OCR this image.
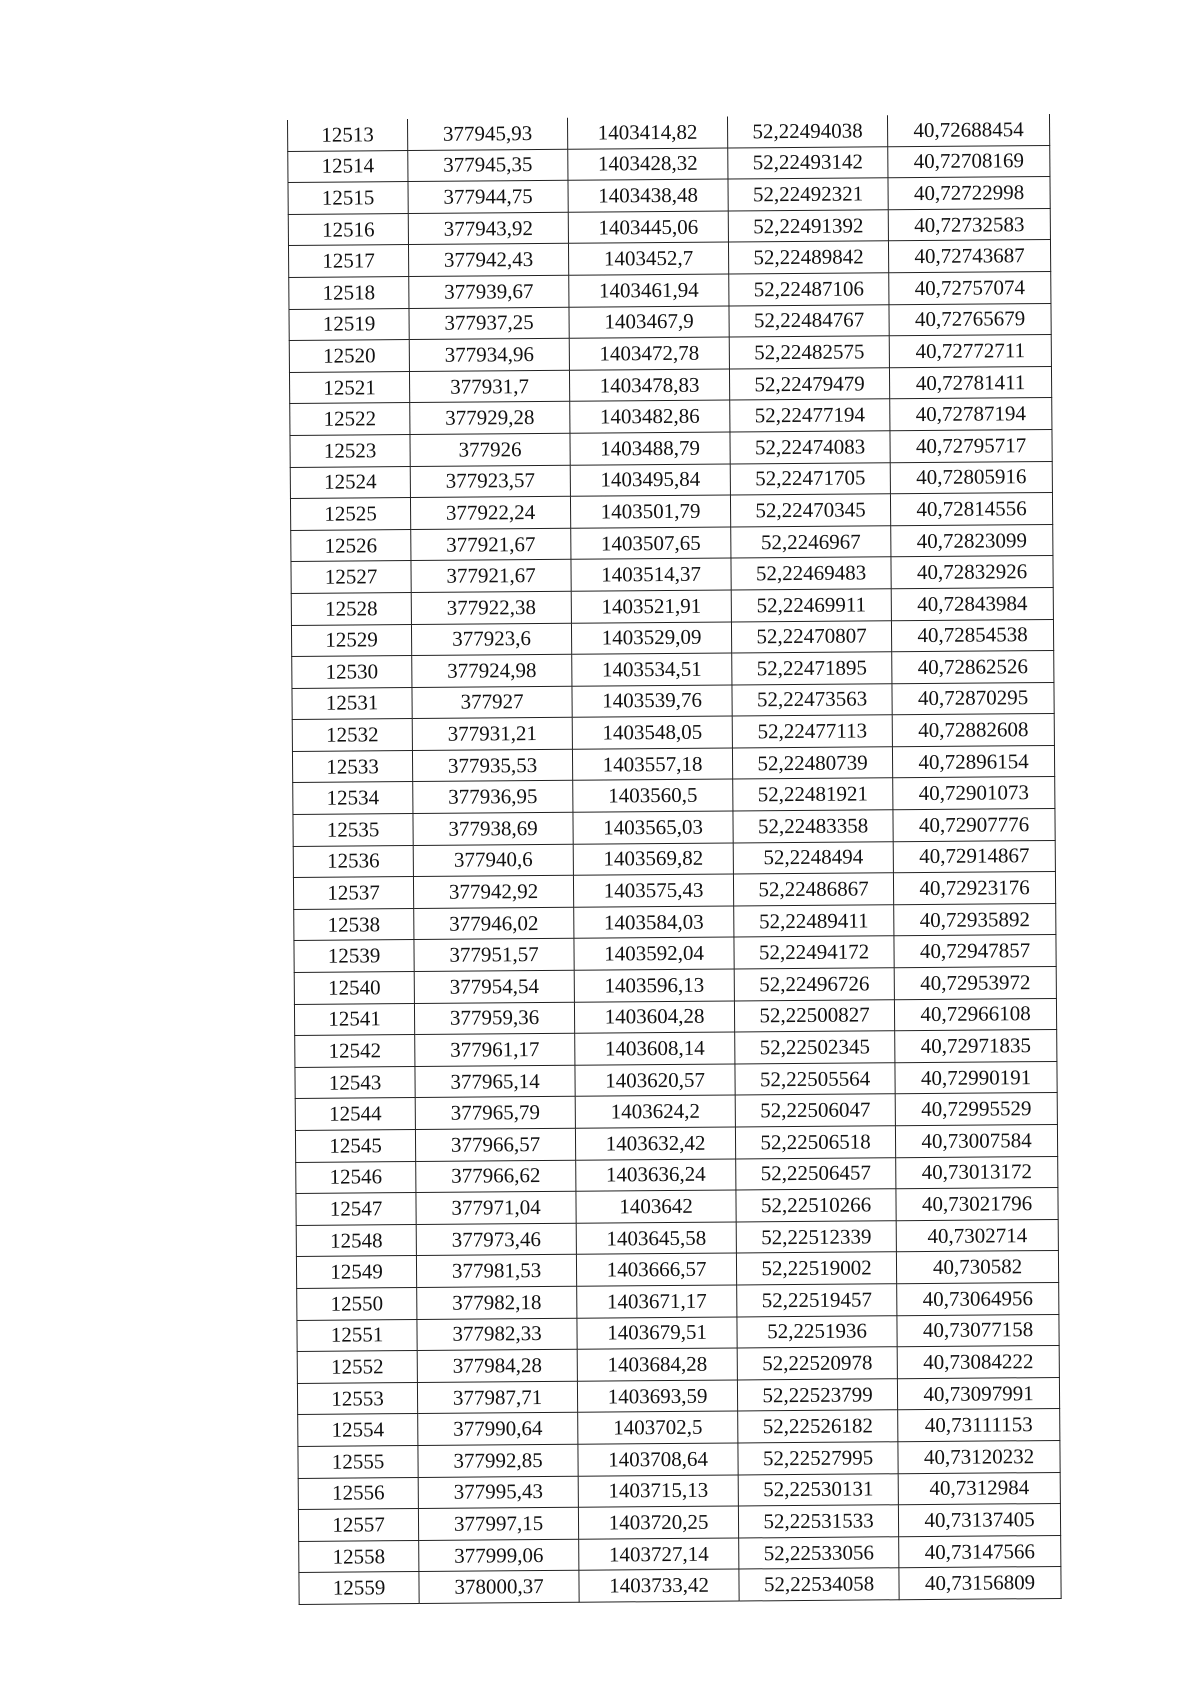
12513	377945,93	1403414,82	52,22494038	40,72688454
12514	377945,35	1403428,32	52,22493142	40,72708169
12515	377944,75	1403438,48	52,22492321	40,72722998
12516	377943,92	1403445,06	52,22491392	40,72732583
12517	377942,43	1403452,7	52,22489842	40,72743687
12518	377939,67	1403461,94	52,22487106	40,72757074
12519	377937,25	1403467,9	52,22484767	40,72765679
12520	377934,96	1403472,78	52,22482575	40,72772711
12521	377931,7	1403478,83	52,22479479	40,72781411
12522	377929,28	1403482,86	52,22477194	40,72787194
12523	377926	1403488,79	52,22474083	40,72795717
12524	377923,57	1403495,84	52,22471705	40,72805916
12525	377922,24	1403501,79	52,22470345	40,72814556
12526	377921,67	1403507,65	52,2246967	40,72823099
12527	377921,67	1403514,37	52,22469483	40,72832926
12528	377922,38	1403521,91	52,22469911	40,72843984
12529	377923,6	1403529,09	52,22470807	40,72854538
12530	377924,98	1403534,51	52,22471895	40,72862526
12531	377927	1403539,76	52,22473563	40,72870295
12532	377931,21	1403548,05	52,22477113	40,72882608
12533	377935,53	1403557,18	52,22480739	40,72896154
12534	377936,95	1403560,5	52,22481921	40,72901073
12535	377938,69	1403565,03	52,22483358	40,72907776
12536	377940,6	1403569,82	52,2248494	40,72914867
12537	377942,92	1403575,43	52,22486867	40,72923176
12538	377946,02	1403584,03	52,22489411	40,72935892
12539	377951,57	1403592,04	52,22494172	40,72947857
12540	377954,54	1403596,13	52,22496726	40,72953972
12541	377959,36	1403604,28	52,22500827	40,72966108
12542	377961,17	1403608,14	52,22502345	40,72971835
12543	377965,14	1403620,57	52,22505564	40,72990191
12544	377965,79	1403624,2	52,22506047	40,72995529
12545	377966,57	1403632,42	52,22506518	40,73007584
12546	377966,62	1403636,24	52,22506457	40,73013172
12547	377971,04	1403642	52,22510266	40,73021796
12548	377973,46	1403645,58	52,22512339	40,7302714
12549	377981,53	1403666,57	52,22519002	40,730582
12550	377982,18	1403671,17	52,22519457	40,73064956
12551	377982,33	1403679,51	52,2251936	40,73077158
12552	377984,28	1403684,28	52,22520978	40,73084222
12553	377987,71	1403693,59	52,22523799	40,73097991
12554	377990,64	1403702,5	52,22526182	40,73111153
12555	377992,85	1403708,64	52,22527995	40,73120232
12556	377995,43	1403715,13	52,22530131	40,7312984
12557	377997,15	1403720,25	52,22531533	40,73137405
12558	377999,06	1403727,14	52,22533056	40,73147566
12559	378000,37	1403733,42	52,22534058	40,73156809
